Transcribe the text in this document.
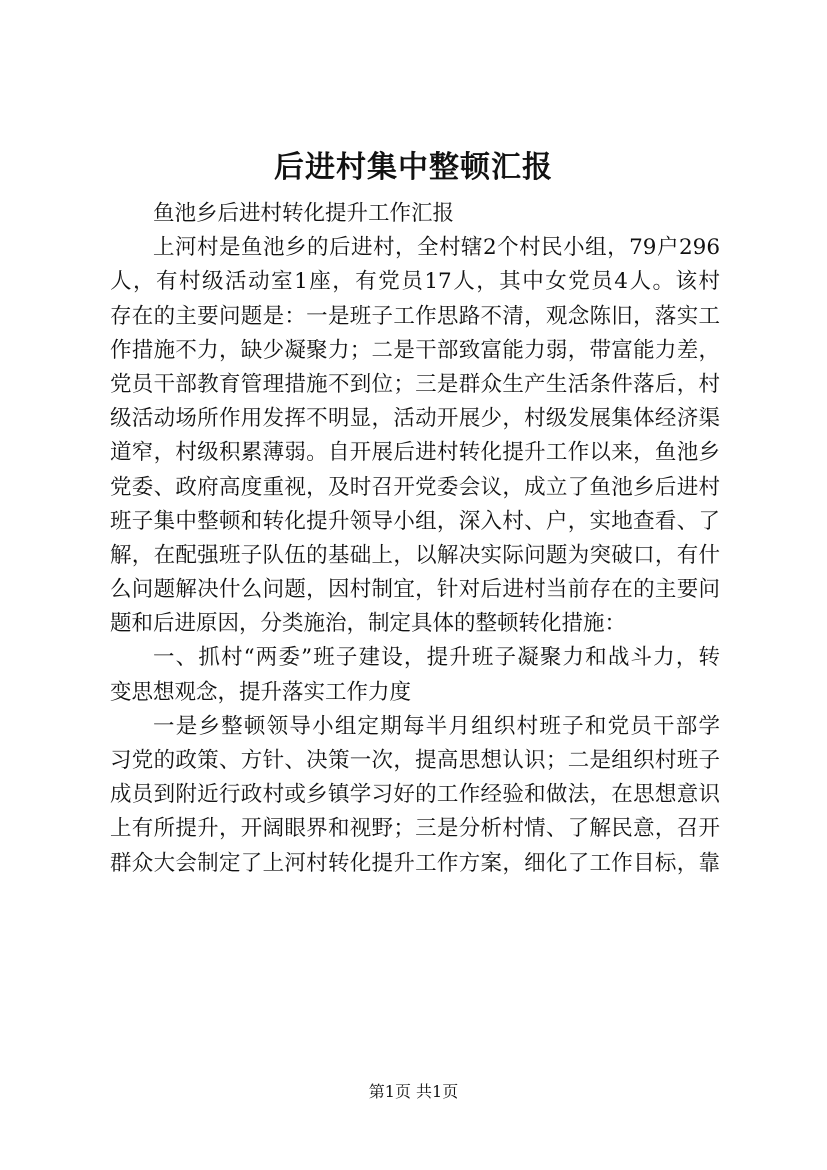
后进村集中整顿汇报
鱼池乡后进村转化提升工作汇报
上河村是鱼池乡的后进村，全村辖2个村民小组，79户296
人，有村级活动室1座，有党员17人，其中女党员4人。该村
存在的主要问题是：一是班子工作思路不清，观念陈旧，落实工
作措施不力，缺少凝聚力；二是干部致富能力弱，带富能力差，
党员干部教育管理措施不到位；三是群众生产生活条件落后，村
级活动场所作用发挥不明显，活动开展少，村级发展集体经济渠
道窄，村级积累薄弱。自开展后进村转化提升工作以来，鱼池乡
党委、政府高度重视，及时召开党委会议，成立了鱼池乡后进村
班子集中整顿和转化提升领导小组，深入村、户，实地查看、了
解，在配强班子队伍的基础上，以解决实际问题为突破口，有什
么问题解决什么问题，因村制宜，针对后进村当前存在的主要问
题和后进原因，分类施治，制定具体的整顿转化措施：
一、抓村“两委”班子建设，提升班子凝聚力和战斗力，转
变思想观念，提升落实工作力度
一是乡整顿领导小组定期每半月组织村班子和党员干部学
习党的政策、方针、决策一次，提高思想认识；二是组织村班子
成员到附近行政村或乡镇学习好的工作经验和做法，在思想意识
上有所提升，开阔眼界和视野；三是分析村情、了解民意，召开
群众大会制定了上河村转化提升工作方案，细化了工作目标，靠
第1页 共1页
